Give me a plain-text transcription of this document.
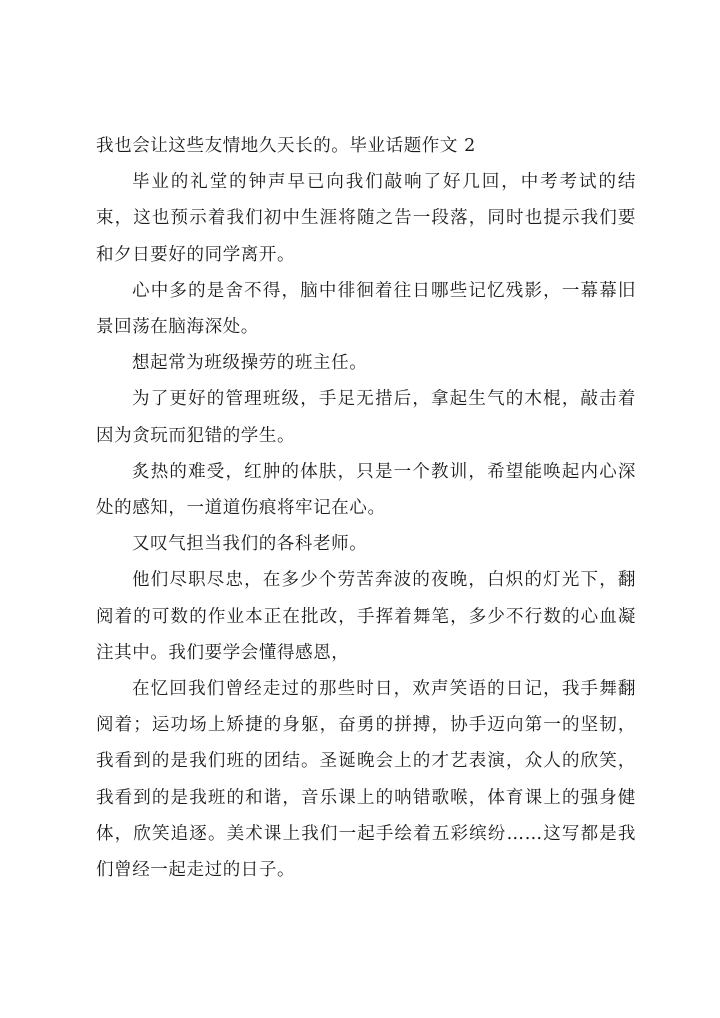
我也会让这些友情地久天长的。毕业话题作文 2

毕业的礼堂的钟声早已向我们敲响了好几回，中考考试的结束，这也预示着我们初中生涯将随之告一段落，同时也提示我们要和夕日要好的同学离开。

心中多的是舍不得，脑中徘徊着往日哪些记忆残影，一幕幕旧景回荡在脑海深处。

想起常为班级操劳的班主任。

为了更好的管理班级，手足无措后，拿起生气的木棍，敲击着因为贪玩而犯错的学生。

炙热的难受，红肿的体肤，只是一个教训，希望能唤起内心深处的感知，一道道伤痕将牢记在心。

又叹气担当我们的各科老师。

他们尽职尽忠，在多少个劳苦奔波的夜晚，白炽的灯光下，翻阅着的可数的作业本正在批改，手挥着舞笔，多少不行数的心血凝注其中。我们要学会懂得感恩，

在忆回我们曾经走过的那些时日，欢声笑语的日记，我手舞翻阅着；运功场上矫捷的身躯，奋勇的拼搏，协手迈向第一的坚韧，我看到的是我们班的团结。圣诞晚会上的才艺表演，众人的欣笑，我看到的是我班的和谐，音乐课上的呐错歌喉，体育课上的强身健体，欣笑追逐。美术课上我们一起手绘着五彩缤纷……这写都是我们曾经一起走过的日子。
